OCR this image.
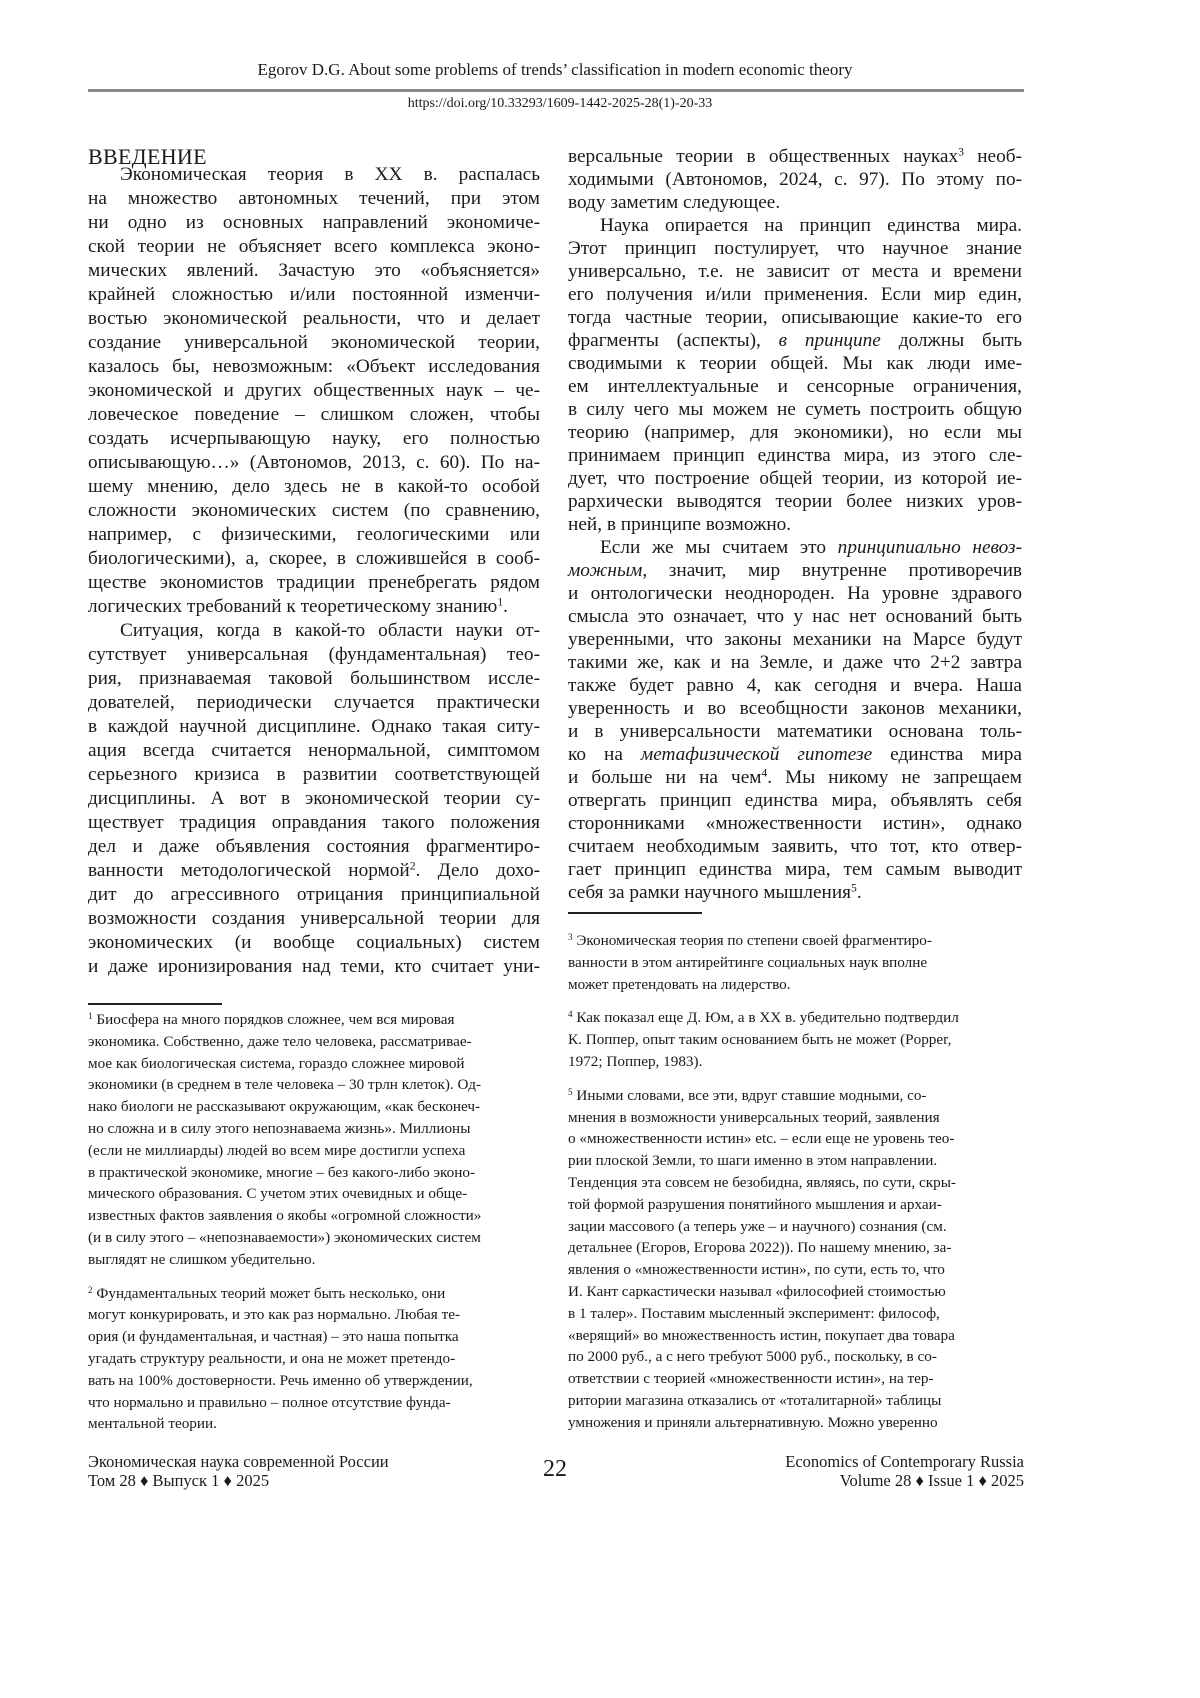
Egorov D.G. About some problems of trends’ classification in modern economic theory
https://doi.org/10.33293/1609-1442-2025-28(1)-20-33
ВВЕДЕНИЕ
Экономическая теория в XX в. распалась
на множество автономных течений, при этом
ни одно из основных направлений экономиче-
ской теории не объясняет всего комплекса эконо-
мических явлений. Зачастую это «объясняется»
крайней сложностью и/или постоянной изменчи-
востью экономической реальности, что и делает
создание универсальной экономической теории,
казалось бы, невозможным: «Объект исследования
экономической и других общественных наук – че-
ловеческое поведение – слишком сложен, чтобы
создать исчерпывающую науку, его полностью
описывающую…» (Автономов, 2013, с. 60). По на-
шему мнению, дело здесь не в какой-то особой
сложности экономических систем (по сравнению,
например, с физическими, геологическими или
биологическими), а, скорее, в сложившейся в сооб-
ществе экономистов традиции пренебрегать рядом
логических требований к теоретическому знанию1.
Ситуация, когда в какой-то области науки от-
сутствует универсальная (фундаментальная) тео-
рия, признаваемая таковой большинством иссле-
дователей, периодически случается практически
в каждой научной дисциплине. Однако такая ситу-
ация всегда считается ненормальной, симптомом
серьезного кризиса в развитии соответствующей
дисциплины. А вот в экономической теории су-
ществует традиция оправдания такого положения
дел и даже объявления состояния фрагментиро-
ванности методологической нормой2. Дело дохо-
дит до агрессивного отрицания принципиальной
возможности создания универсальной теории для
экономических (и вообще социальных) систем
и даже иронизирования над теми, кто считает уни-
версальные теории в общественных науках3 необ-
ходимыми (Автономов, 2024, с. 97). По этому по-
воду заметим следующее.
Наука опирается на принцип единства мира.
Этот принцип постулирует, что научное знание
универсально, т.е. не зависит от места и времени
его получения и/или применения. Если мир един,
тогда частные теории, описывающие какие-то его
фрагменты (аспекты), в принципе должны быть
сводимыми к теории общей. Мы как люди име-
ем интеллектуальные и сенсорные ограничения,
в силу чего мы можем не суметь построить общую
теорию (например, для экономики), но если мы
принимаем принцип единства мира, из этого сле-
дует, что построение общей теории, из которой ие-
рархически выводятся теории более низких уров-
ней, в принципе возможно.
Если же мы считаем это принципиально невоз-
можным, значит, мир внутренне противоречив
и онтологически неоднороден. На уровне здравого
смысла это означает, что у нас нет оснований быть
уверенными, что законы механики на Марсе будут
такими же, как и на Земле, и даже что 2+2 завтра
также будет равно 4, как сегодня и вчера. Наша
уверенность и во всеобщности законов механики,
и в универсальности математики основана толь-
ко на метафизической гипотезе единства мира
и больше ни на чем4. Мы никому не запрещаем
отвергать принцип единства мира, объявлять себя
сторонниками «множественности истин», однако
считаем необходимым заявить, что тот, кто отвер-
гает принцип единства мира, тем самым выводит
себя за рамки научного мышления5.
1 Биосфера на много порядков сложнее, чем вся мировая
экономика. Собственно, даже тело человека, рассматривае-
мое как биологическая система, гораздо сложнее мировой
экономики (в среднем в теле человека – 30 трлн клеток). Од-
нако биологи не рассказывают окружающим, «как бесконеч-
но сложна и в силу этого непознаваема жизнь». Миллионы
(если не миллиарды) людей во всем мире достигли успеха
в практической экономике, многие – без какого-либо эконо-
мического образования. С учетом этих очевидных и обще-
известных фактов заявления о якобы «огромной сложности»
(и в силу этого – «непознаваемости») экономических систем
выглядят не слишком убедительно.
2 Фундаментальных теорий может быть несколько, они
могут конкурировать, и это как раз нормально. Любая те-
ория (и фундаментальная, и частная) – это наша попытка
угадать структуру реальности, и она не может претендо-
вать на 100% достоверности. Речь именно об утверждении,
что нормально и правильно – полное отсутствие фунда-
ментальной теории.
3 Экономическая теория по степени своей фрагментиро-
ванности в этом антирейтинге социальных наук вполне
может претендовать на лидерство.
4 Как показал еще Д. Юм, а в XX в. убедительно подтвердил
К. Поппер, опыт таким основанием быть не может (Popper,
1972; Поппер, 1983).
5 Иными словами, все эти, вдруг ставшие модными, со-
мнения в возможности универсальных теорий, заявления
о «множественности истин» etc. – если еще не уровень тео-
рии плоской Земли, то шаги именно в этом направлении.
Тенденция эта совсем не безобидна, являясь, по сути, скры-
той формой разрушения понятийного мышления и архаи-
зации массового (а теперь уже – и научного) сознания (см.
детальнее (Егоров, Егорова 2022)). По нашему мнению, за-
явления о «множественности истин», по сути, есть то, что
И. Кант саркастически называл «философией стоимостью
в 1 талер». Поставим мысленный эксперимент: философ,
«верящий» во множественность истин, покупает два товара
по 2000 руб., а с него требуют 5000 руб., поскольку, в со-
ответствии с теорией «множественности истин», на тер-
ритории магазина отказались от «тоталитарной» таблицы
умножения и приняли альтернативную. Можно уверенно
Экономическая наука современной России
Том 28 ♦ Выпуск 1 ♦ 2025	22	Economics of Contemporary Russia
Volume 28 ♦ Issue 1 ♦ 2025
